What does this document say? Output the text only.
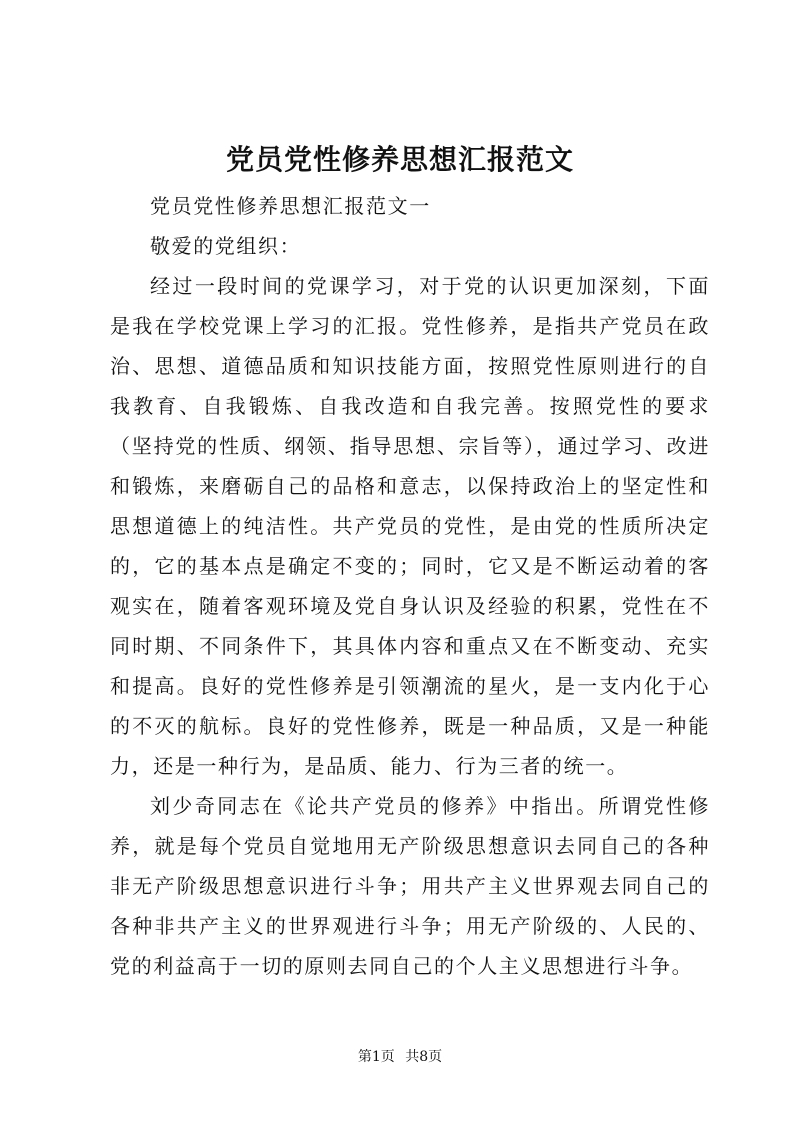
党员党性修养思想汇报范文

党员党性修养思想汇报范文一

敬爱的党组织：

经过一段时间的党课学习，对于党的认识更加深刻，下面是我在学校党课上学习的汇报。党性修养，是指共产党员在政治、思想、道德品质和知识技能方面，按照党性原则进行的自我教育、自我锻炼、自我改造和自我完善。按照党性的要求（坚持党的性质、纲领、指导思想、宗旨等），通过学习、改进和锻炼，来磨砺自己的品格和意志，以保持政治上的坚定性和思想道德上的纯洁性。共产党员的党性，是由党的性质所决定的，它的基本点是确定不变的；同时，它又是不断运动着的客观实在，随着客观环境及党自身认识及经验的积累，党性在不同时期、不同条件下，其具体内容和重点又在不断变动、充实和提高。良好的党性修养是引领潮流的星火，是一支内化于心的不灭的航标。良好的党性修养，既是一种品质，又是一种能力，还是一种行为，是品质、能力、行为三者的统一。

刘少奇同志在《论共产党员的修养》中指出。所谓党性修养，就是每个党员自觉地用无产阶级思想意识去同自己的各种非无产阶级思想意识进行斗争；用共产主义世界观去同自己的各种非共产主义的世界观进行斗争；用无产阶级的、人民的、党的利益高于一切的原则去同自己的个人主义思想进行斗争。

第1页 共8页
